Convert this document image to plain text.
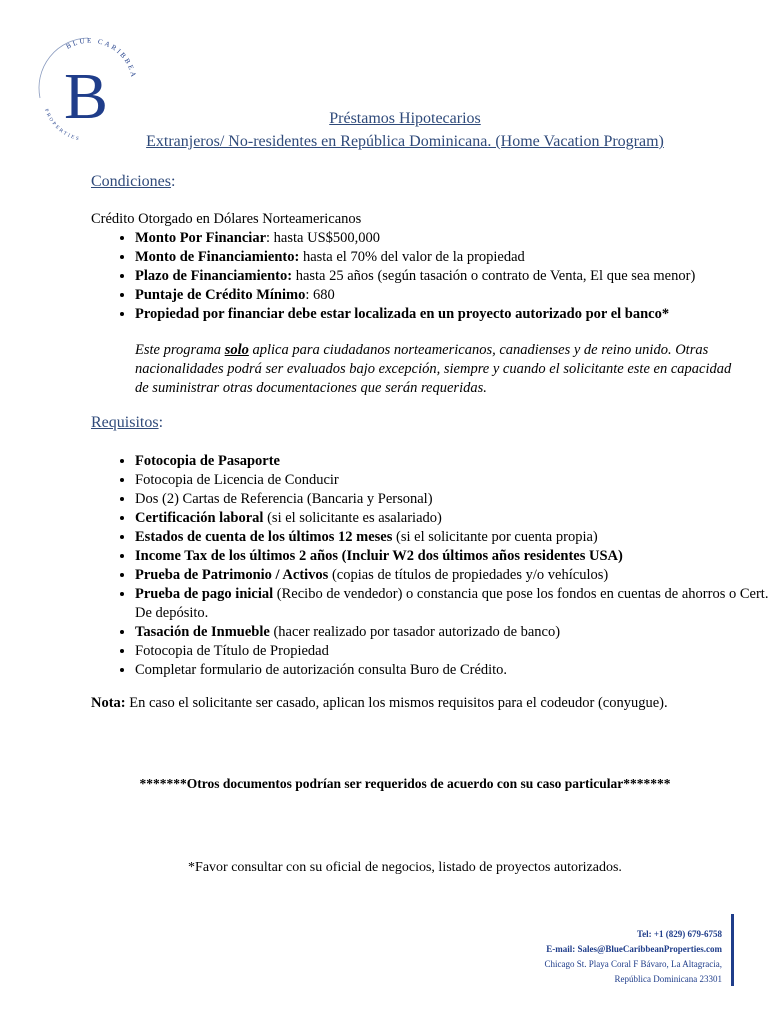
BLUE CARIBBEA
PROPERTIES
B	Préstamos Hipotecarios
Extranjeros/ No-residentes en República Dominicana. (Home Vacation Program)
Condiciones:
Crédito Otorgado en Dólares Norteamericanos
• Monto Por Financiar: hasta US$500,000
• Monto de Financiamiento: hasta el 70% del valor de la propiedad
• Plazo de Financiamiento: hasta 25 años (según tasación o contrato de Venta, El que sea menor)
• Puntaje de Crédito Mínimo: 680
• Propiedad por financiar debe estar localizada en un proyecto autorizado por el banco*
Este programa solo aplica para ciudadanos norteamericanos, canadienses y de reino unido. Otras nacionalidades podrá ser evaluados bajo excepción, siempre y cuando el solicitante este en capacidad de suministrar otras documentaciones que serán requeridas.
Requisitos:
• Fotocopia de Pasaporte
• Fotocopia de Licencia de Conducir
• Dos (2) Cartas de Referencia (Bancaria y Personal)
• Certificación laboral (si el solicitante es asalariado)
• Estados de cuenta de los últimos 12 meses (si el solicitante por cuenta propia)
• Income Tax de los últimos 2 años (Incluir W2 dos últimos años residentes USA)
• Prueba de Patrimonio / Activos (copias de títulos de propiedades y/o vehículos)
• Prueba de pago inicial (Recibo de vendedor) o constancia que pose los fondos en cuentas de ahorros o Cert. De depósito.
• Tasación de Inmueble (hacer realizado por tasador autorizado de banco)
• Fotocopia de Título de Propiedad
• Completar formulario de autorización consulta Buro de Crédito.
Nota: En caso el solicitante ser casado, aplican los mismos requisitos para el codeudor (conyugue).
*******Otros documentos podrían ser requeridos de acuerdo con su caso particular*******
*Favor consultar con su oficial de negocios, listado de proyectos autorizados.
Tel: +1 (829) 679-6758
E-mail: Sales@BlueCaribbeanProperties.com
Chicago St. Playa Coral F Bávaro, La Altagracia,
República Dominicana 23301
